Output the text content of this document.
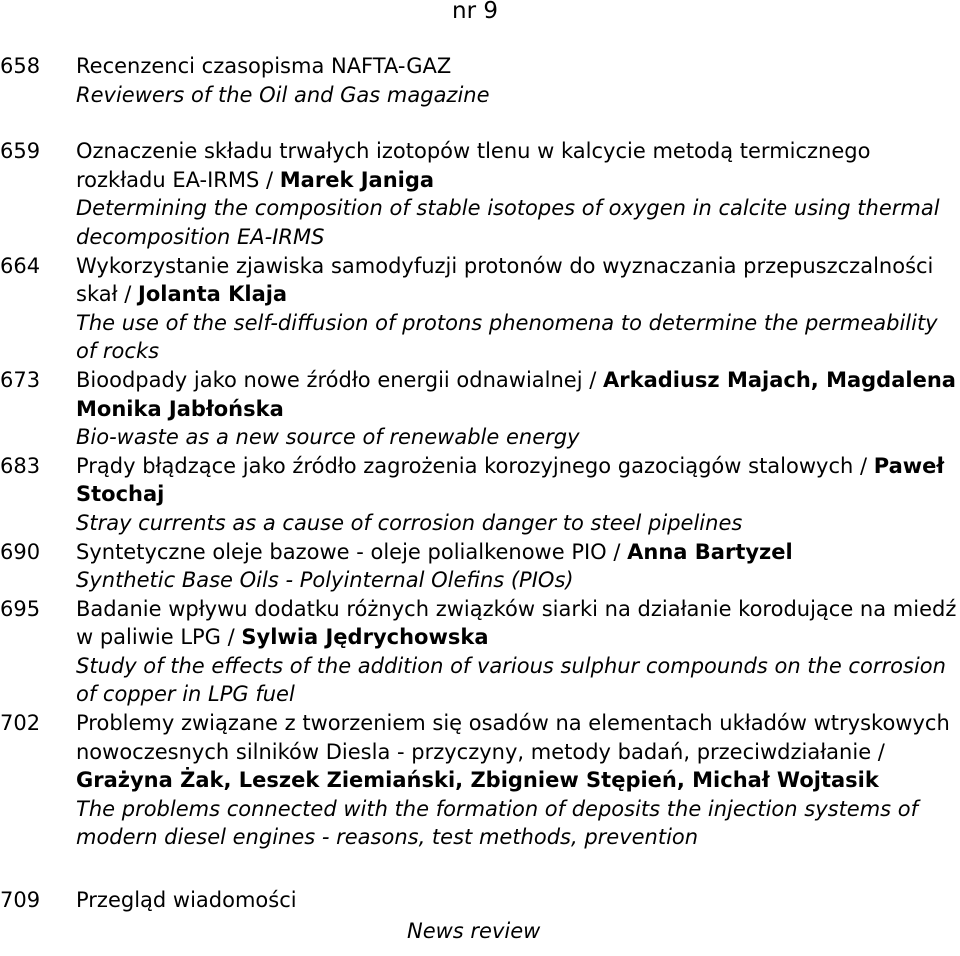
nr 9
658	Recenzenci czasopisma NAFTA-GAZ
Reviewers of the Oil and Gas magazine
659	Oznaczenie składu trwałych izotopów tlenu w kalcycie metodą termicznego rozkładu EA-IRMS / Marek Janiga
Determining the composition of stable isotopes of oxygen in calcite using thermal decomposition EA-IRMS
664	Wykorzystanie zjawiska samodyfuzji protonów do wyznaczania przepuszczalności skał / Jolanta Klaja
The use of the self-diffusion of protons phenomena to determine the permeability of rocks
673	Bioodpady jako nowe źródło energii odnawialnej / Arkadiusz Majach, Magdalena Monika Jabłońska
Bio-waste as a new source of renewable energy
683	Prądy błądzące jako źródło zagrożenia korozyjnego gazociągów stalowych / Paweł Stochaj
Stray currents as a cause of corrosion danger to steel pipelines
690	Syntetyczne oleje bazowe - oleje polialkenowe PIO / Anna Bartyzel
Synthetic Base Oils - Polyinternal Olefins (PIOs)
695	Badanie wpływu dodatku różnych związków siarki na działanie korodujące na miedź w paliwie LPG / Sylwia Jędrychowska
Study of the effects of the addition of various sulphur compounds on the corrosion of copper in LPG fuel
702	Problemy związane z tworzeniem się osadów na elementach układów wtryskowych nowoczesnych silników Diesla - przyczyny, metody badań, przeciwdziałanie / Grażyna Żak, Leszek Ziemiański, Zbigniew Stępień, Michał Wojtasik
The problems connected with the formation of deposits the injection systems of modern diesel engines - reasons, test methods, prevention
709	Przegląd wiadomości
News review
